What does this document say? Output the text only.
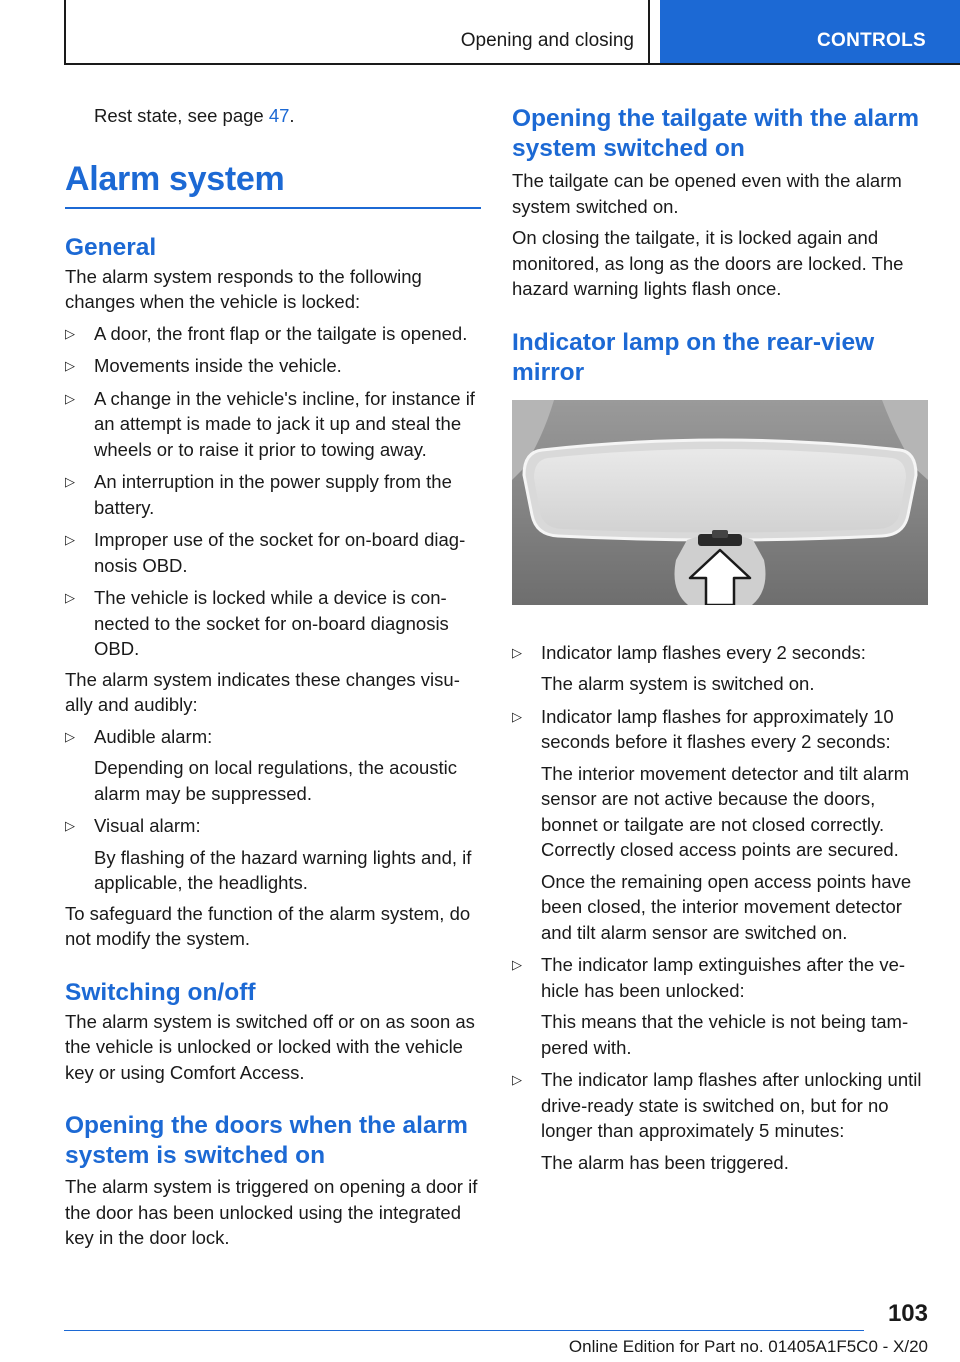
Opening and closing	CONTROLS

Rest state, see page 47.

Alarm system
General

The alarm system responds to the following changes when the vehicle is locked:

▷ A door, the front flap or the tailgate is opened.

▷ Movements inside the vehicle.

▷ A change in the vehicle's incline, for instance if an attempt is made to jack it up and steal the wheels or to raise it prior to towing away.

▷ An interruption in the power supply from the battery.

▷ Improper use of the socket for on-board diagnosis OBD.

▷ The vehicle is locked while a device is connected to the socket for on-board diagnosis OBD.

The alarm system indicates these changes visually and audibly:

▷ Audible alarm:

Depending on local regulations, the acoustic alarm may be suppressed.

▷ Visual alarm:

By flashing of the hazard warning lights and, if applicable, the headlights.

To safeguard the function of the alarm system, do not modify the system.

Switching on/off

The alarm system is switched off or on as soon as the vehicle is unlocked or locked with the vehicle key or using Comfort Access.

Opening the doors when the alarm system is switched on

The alarm system is triggered on opening a door if the door has been unlocked using the integrated key in the door lock.

Opening the tailgate with the alarm system switched on

The tailgate can be opened even with the alarm system switched on.

On closing the tailgate, it is locked again and monitored, as long as the doors are locked. The hazard warning lights flash once.

Indicator lamp on the rear-view mirror
▷ Indicator lamp flashes every 2 seconds:

The alarm system is switched on.

▷ Indicator lamp flashes for approximately 10 seconds before it flashes every 2 seconds:

The interior movement detector and tilt alarm sensor are not active because the doors, bonnet or tailgate are not closed correctly. Correctly closed access points are secured.

Once the remaining open access points have been closed, the interior movement detector and tilt alarm sensor are switched on.

▷ The indicator lamp extinguishes after the vehicle has been unlocked:

This means that the vehicle is not being tampered with.

▷ The indicator lamp flashes after unlocking until drive-ready state is switched on, but for no longer than approximately 5 minutes:

The alarm has been triggered.

103
Online Edition for Part no. 01405A1F5C0 - X/20
